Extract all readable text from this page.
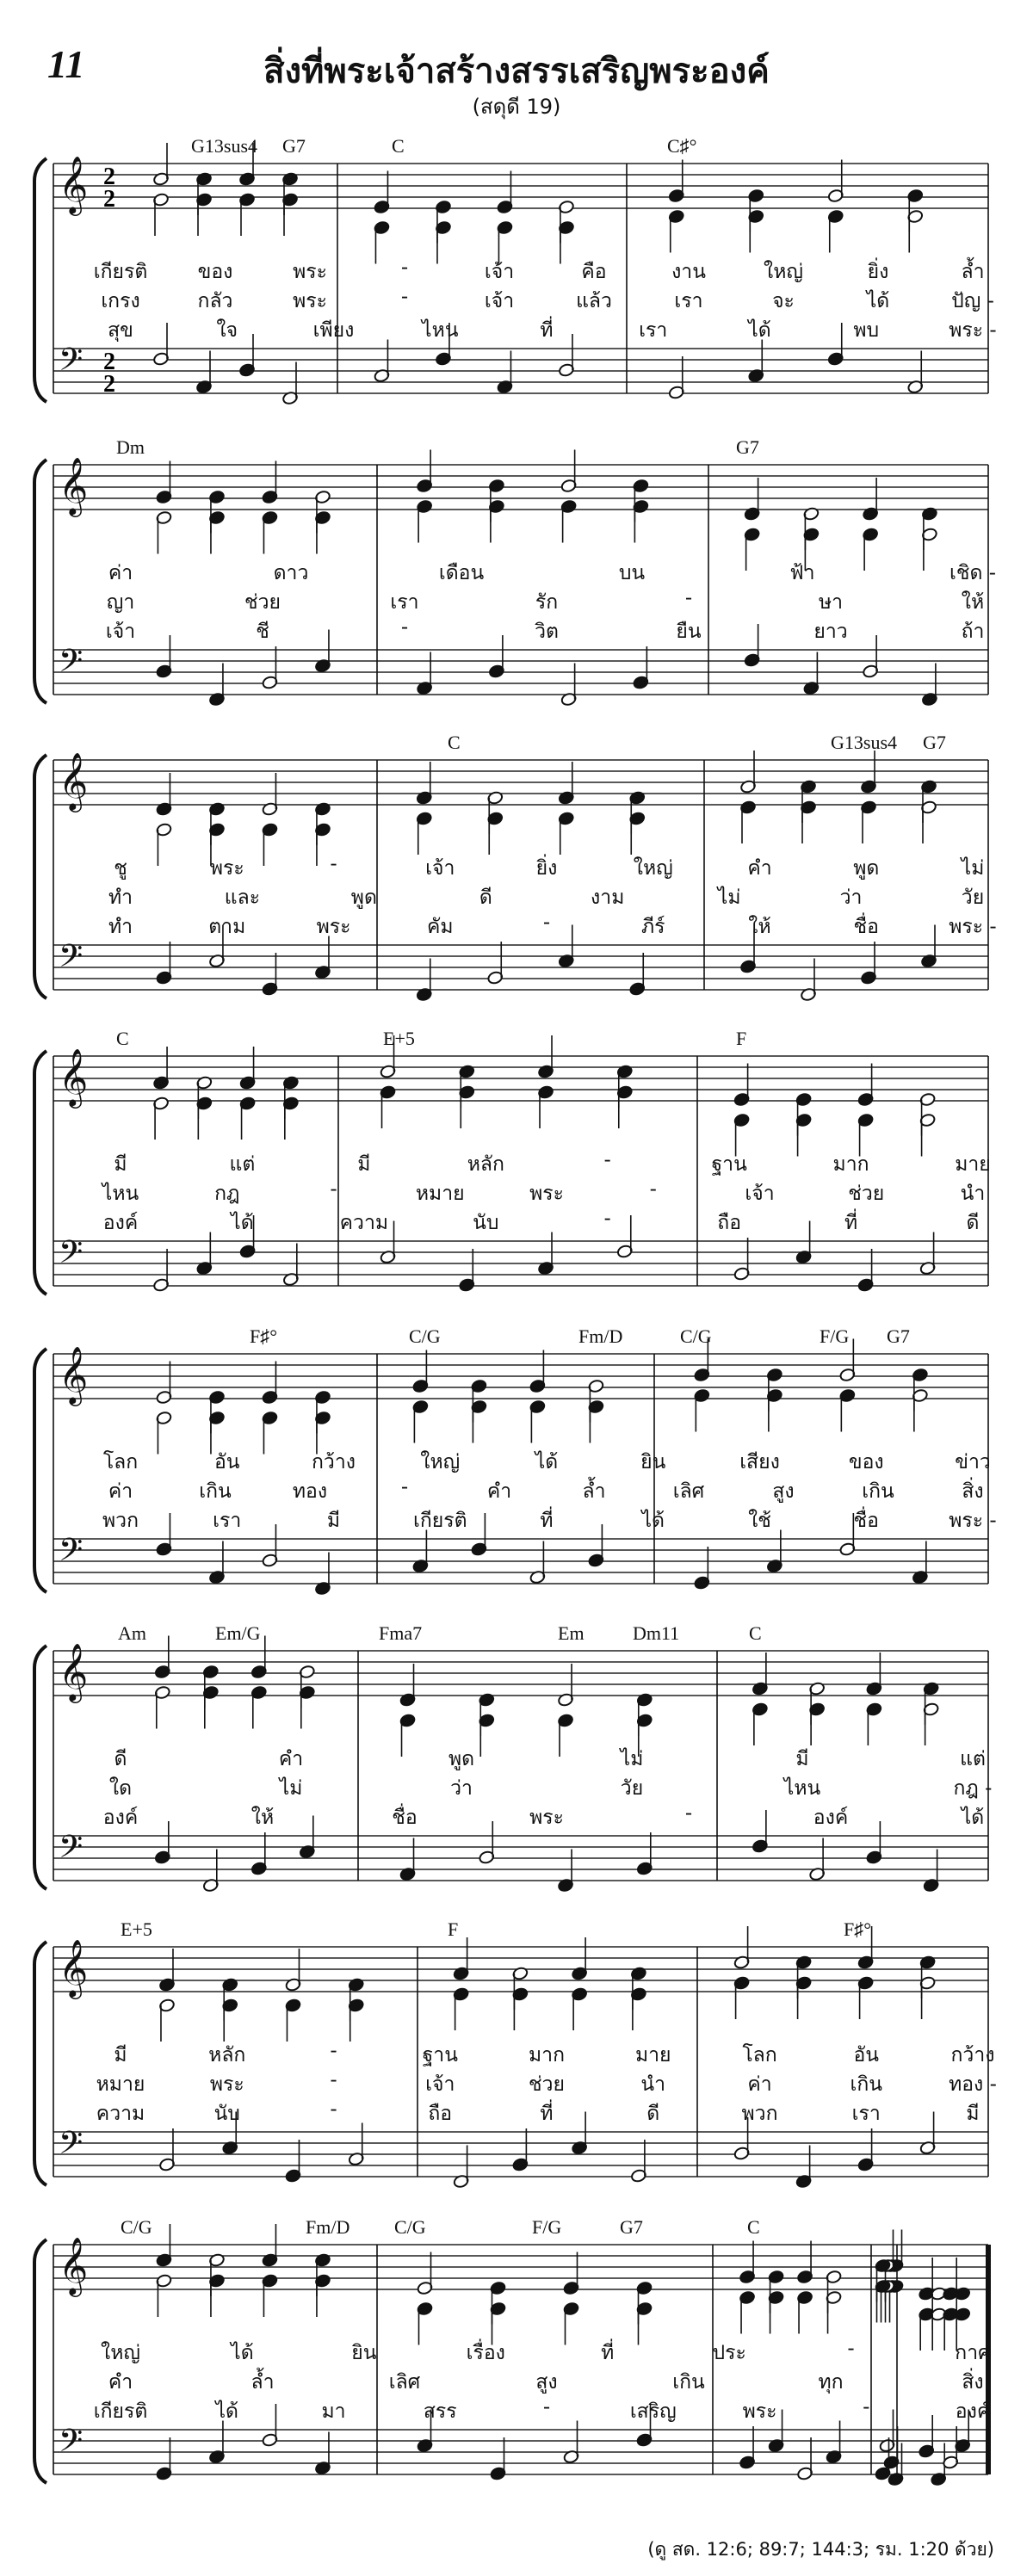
11	สิ่งที่พระเจ้าสร้างสรรเสริญพระองค์
(สดุดี 19)
𝄞
𝄢
2
2
2
2
G13sus4 G7	C	C♯°
เกียรติ	ของ	พระ	-	เจ้า	คือ	งาน	ใหญ่	ยิ่ง	ล้ำ
เกรง	กลัว	พระ	-	เจ้า	แล้ว	เรา	จะ	ได้	ปัญ -
สุข	ใจ	เพียง	ไหน	ที่	เรา	ได้	พบ	พระ -
𝄞
𝄢
Dm	G7
ค่า	ดาว	เดือน	บน	ฟ้า	เชิด -
ญา	ช่วย	เรา	รัก	-	ษา	ให้
เจ้า	ชี	-	วิต	ยืน	ยาว	ถ้า
𝄞
𝄢
C	G13sus4 G7
ชู	พระ	-	เจ้า	ยิ่ง	ใหญ่	คำ	พูด	ไม่
ทำ	และ	พูด	ดี	งาม	ไม่	ว่า	วัย
ทำ	ตาม	พระ	คัม	-	ภีร์	ให้	ชื่อ	พระ -
𝄞
𝄢
C	E+5	F
มี	แต่	มี	หลัก	-	ฐาน	มาก	มาย
ไหน	กฎ	-	หมาย	พระ	-	เจ้า	ช่วย	นำ
องค์	ได้	ความ	นับ	-	ถือ	ที่	ดี
𝄞
𝄢
F♯°	C/G	Fm/D	C/G	F/G G7
โลก	อัน	กว้าง	ใหญ่	ได้	ยิน	เสียง	ของ	ข่าว
ค่า	เกิน	ทอง	-	คำ	ล้ำ	เลิศ	สูง	เกิน	สิ่ง
พวก	เรา	มี	เกียรติ	ที่	ได้	ใช้	ชื่อ	พระ -
𝄞
𝄢
Am	Em/G	Fma7	Em	Dm11	C
ดี	คำ	พูด	ไม่	มี	แต่
ใด	ไม่	ว่า	วัย	ไหน	กฎ -
องค์	ให้	ชื่อ	พระ	-	องค์	ได้
𝄞
𝄢
E+5	F	F♯°
มี	หลัก	-	ฐาน	มาก	มาย	โลก	อัน	กว้าง
หมาย	พระ	-	เจ้า	ช่วย	นำ	ค่า	เกิน	ทอง -
ความ	นับ	-	ถือ	ที่	ดี	พวก	เรา	มี
𝄞
𝄢
C/G	Fm/D C/G	F/G	G7	C
ใหญ่	ได้	ยิน	เรื่อง	ที่	ประ	-	กาศ
คำ	ล้ำ	เลิศ	สูง	เกิน	ทุก	สิ่ง
เกียรติ	ได้	มา	สรร	-	เสริญ	พระ	-	องค์
(ดู สด. 12:6; 89:7; 144:3; รม. 1:20 ด้วย)
